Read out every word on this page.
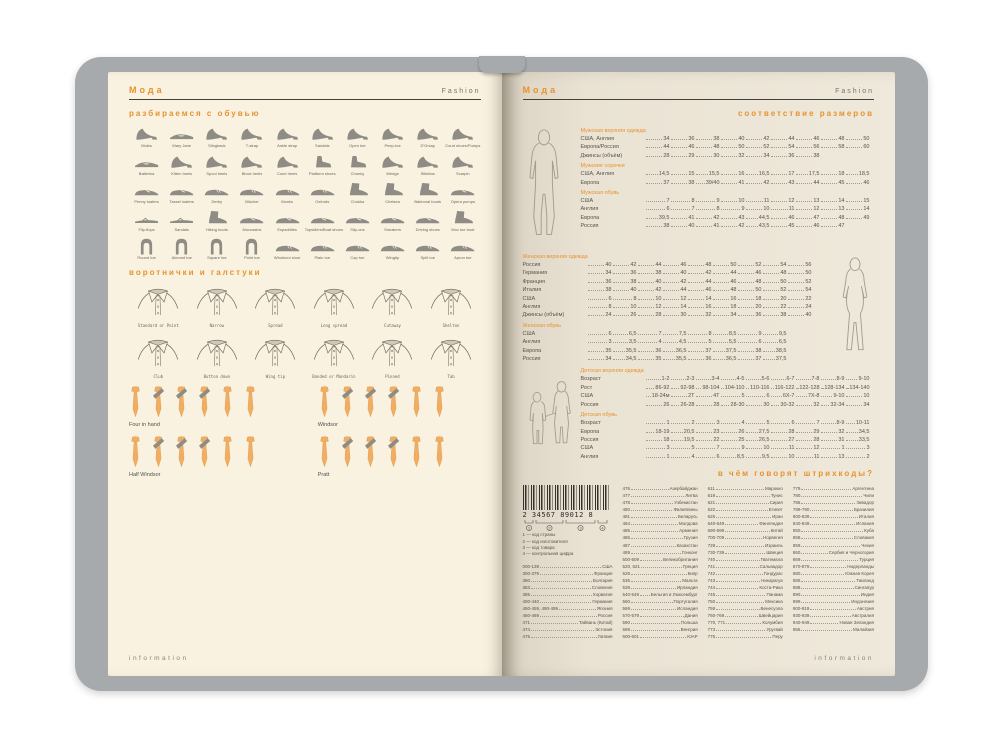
Мода	Fashion
разбираемся с обувью
Mules	Mary Jane	Slingback	T-strap	Ankle strap	Sandals	Open toe	Peep-toe	D'Orsay	Court shoes/Pumps
Ballerina	Kitten heels	Spool heels	Block heels	Cone heels	Platform shoes	Chunky	Wedge	Stilettos	Scarpin
Penny loafers	Tassel loafers	Derby	Blücher	Monks	Oxfords	Chukka	Chelsea	Balmoral boots	Opera pumps
Flip-flops	Sandals	Hiking boots	Moccasins	Espadrilles	Topsiders/Boat shoes	Slip-ons	Sneakers	Driving shoes	Moc toe boot
Round toe	Almond toe	Square toe	Point toe	Wholecut shoe	Plain toe	Cap toe	Wingtip	Split toe	Apron toe
воротнички и галстуки
Standard or Point	Narrow	Spread	Long spread	Cutaway	Shelton
Club	Button down	Wing tip	Banded or Mandarin	Pinned	Tab
Four in hand	Windsor
Half Windsor	Pratt
information
Мода	Fashion
соответствие размеров
Мужская верхняя одежда
США, Англия	34	36	38	40	42	44	46	48	50
Европа/Россия	44	46	48	50	52	54	56	58	60
Джинсы (объём)	28	29	30	32	34	36	38
Мужские сорочки
США, Англия	14,5	15	15,5	16	16,5	17	17,5	18	18,5
Европа	37	38 39/40	41	42	43	44	45	46
Мужская обувь
США	7	8	9	10	11	12	13	14	15
Англия	6	7	8	9	10	11	12	13	14
Европа	39,5	41	42	43	44,5	46	47	48	49
Россия	38	40	41	42	43,5	45	46	47
Женская верхняя одежда
Россия	40	42	44	46	48	50	52	54	56
Германия	34	36	38	40	42	44	46	48	50
Франция	36	38	40	42	44	46	48	50	52
Италия	38	40	42	44	46	48	50	52	54
США	6	8	10	12	14	16	18	20	22
Англия	8	10	12	14	16	18	20	22	24
Джинсы (объём)	24	26	28	30	32	34	36	38	40
Женская обувь
США	6	6,5	7	7,5	8	8,5	9	9,5
Англия	3	3,5	4	4,5	5	5,5	6	6,5
Европа	35	35,5	36	36,5	37	37,5	38	38,5
Россия	34	34,5	35	35,5	36	36,5	37	37,5
Детская верхняя одежда
Возраст	1-2	2-3	3-4	4-5	5-6	6-7	7-8	8-9	9-10
Рост	86-92 92-98 98-104 104-110 110-116 116-122 122-128 128-134 134-140
США	18-24м	2Т	4Т	5	6 6X-7 7X-8	9-10	10
Россия	26 26-28	28 28-30	30 30-32	32 32-34	34
Детская обувь
Возраст	1	2	3	4	5	6	7	8-9 10-11
Европа	18-19	20,5	23	26	27,5	28	29	32	34,5
Россия	18	19,5	22	25	26,5	27	28	31	33,5
США	3	5	7	9	10	11	12	1	3
Англия	1	4	6	8,5	9,5	10	11	13	2
в чём говорят штрихкоды?
2 34567 89012 8
1	2	3	4
1 — код страны
2 — код изготовителя
3 — код товара
4 — контрольная цифра
000-139	США
300-379	Франция
380	Болгария
383	Словения
385	Хорватия
400-440	Германия
450-459, 490-499	Япония
460-469	Россия
471	Тайвань (Китай)
474	Эстония
475	Латвия
476	Азербайджан
477	Литва
478	Узбекистан
480	Филиппины
481	Беларусь
484	Молдова
485	Армения
486	Грузия
487	Казахстан
489	Гонконг
500-509	Великобритания
520, 521	Греция
529	Кипр
535	Мальта
539	Ирландия
540-549	Бельгия и Люксембург
560	Португалия
569	Исландия
570-579	Дания
590	Польша
599	Венгрия
600-601	ЮАР
611	Марокко
619	Тунис
621	Сирия
622	Египет
626	Иран
640-649	Финляндия
690-699	Китай
700-709	Норвегия
729	Израиль
730-739	Швеция
740	Гватемала
741	Сальвадор
742	Гондурас
743	Никарагуа
744	Коста-Рика
745	Панама
750	Мексика
759	Венесуэла
760-769	Швейцария
770, 771	Колумбия
773	Уругвай
775	Перу
779	Аргентина
780	Чили
786	Эквадор
789-790	Бразилия
800-839	Италия
840-849	Испания
850	Куба
858	Словакия
859	Чехия
860	Сербия и Черногория
869	Турция
870-879	Нидерланды
880	Южная Корея
885	Таиланд
888	Сингапур
890	Индия
899	Индонезия
900-919	Австрия
930-939	Австралия
940-949	Новая Зеландия
955	Малайзия
information
